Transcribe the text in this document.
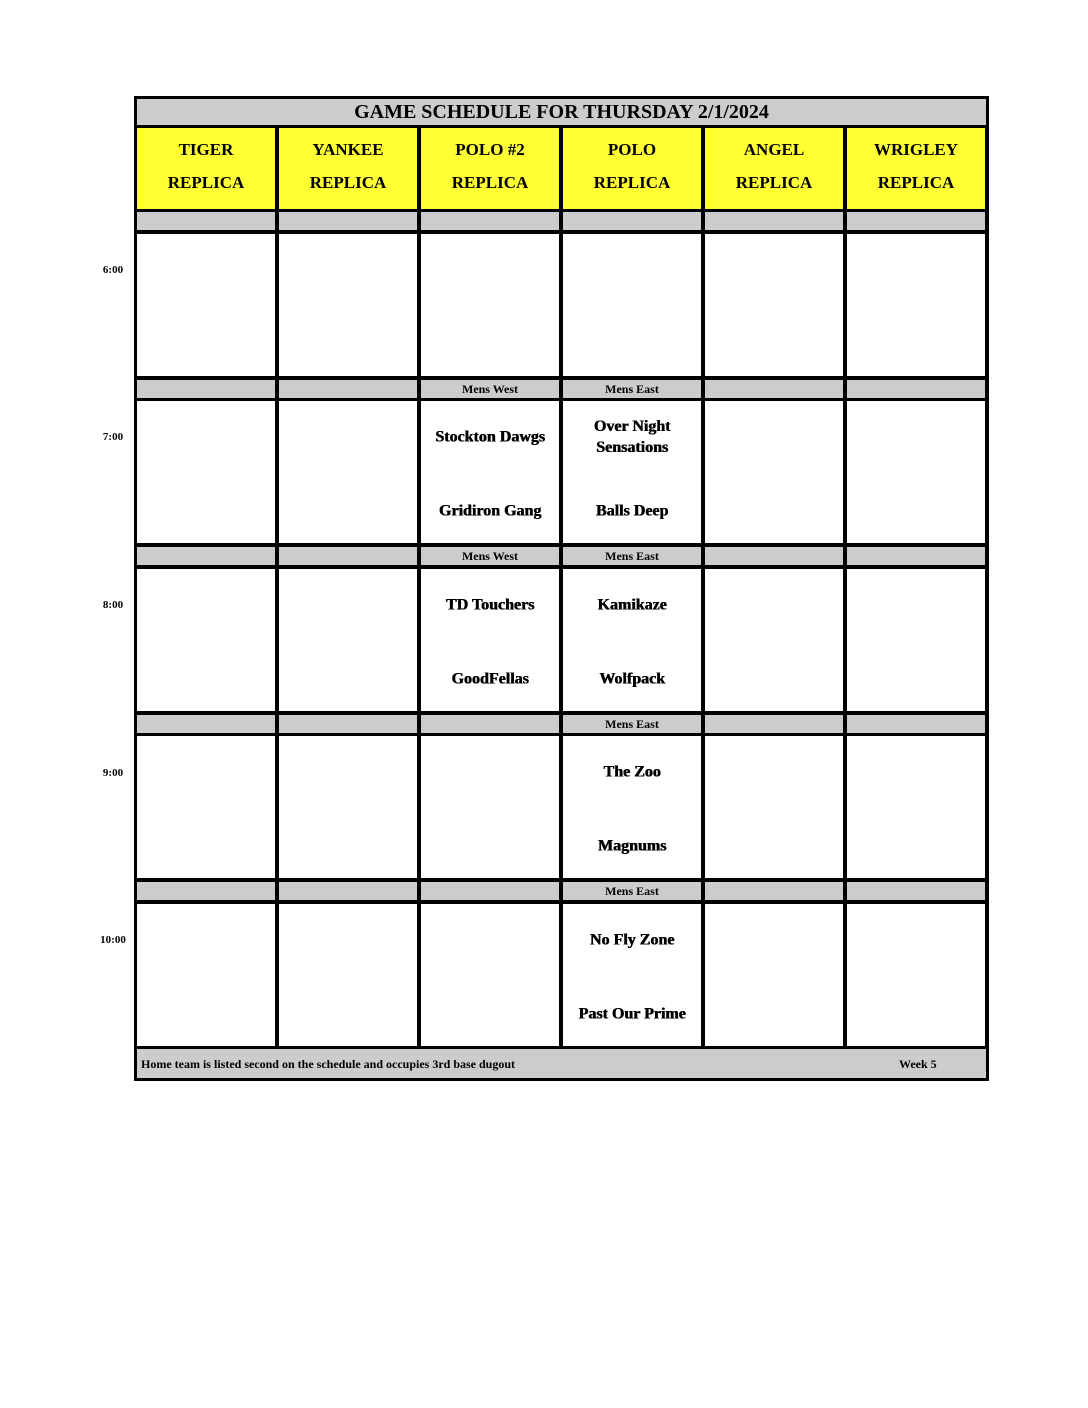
GAME SCHEDULE FOR THURSDAY 2/1/2024
TIGER
REPLICA
YANKEE
REPLICA
POLO #2
REPLICA
POLO
REPLICA
ANGEL
REPLICA
WRIGLEY
REPLICA
Mens West
Stockton Dawgs
Gridiron Gang
Mens East
Over Night Sensations
Balls Deep
Mens West
TD Touchers
GoodFellas
Mens East
Kamikaze
Wolfpack
Mens East
The Zoo
Magnums
Mens East
No Fly Zone
Past Our Prime
Home team is listed second on the schedule and occupies 3rd base dugout	Week 5
6:00
7:00
8:00
9:00
10:00
